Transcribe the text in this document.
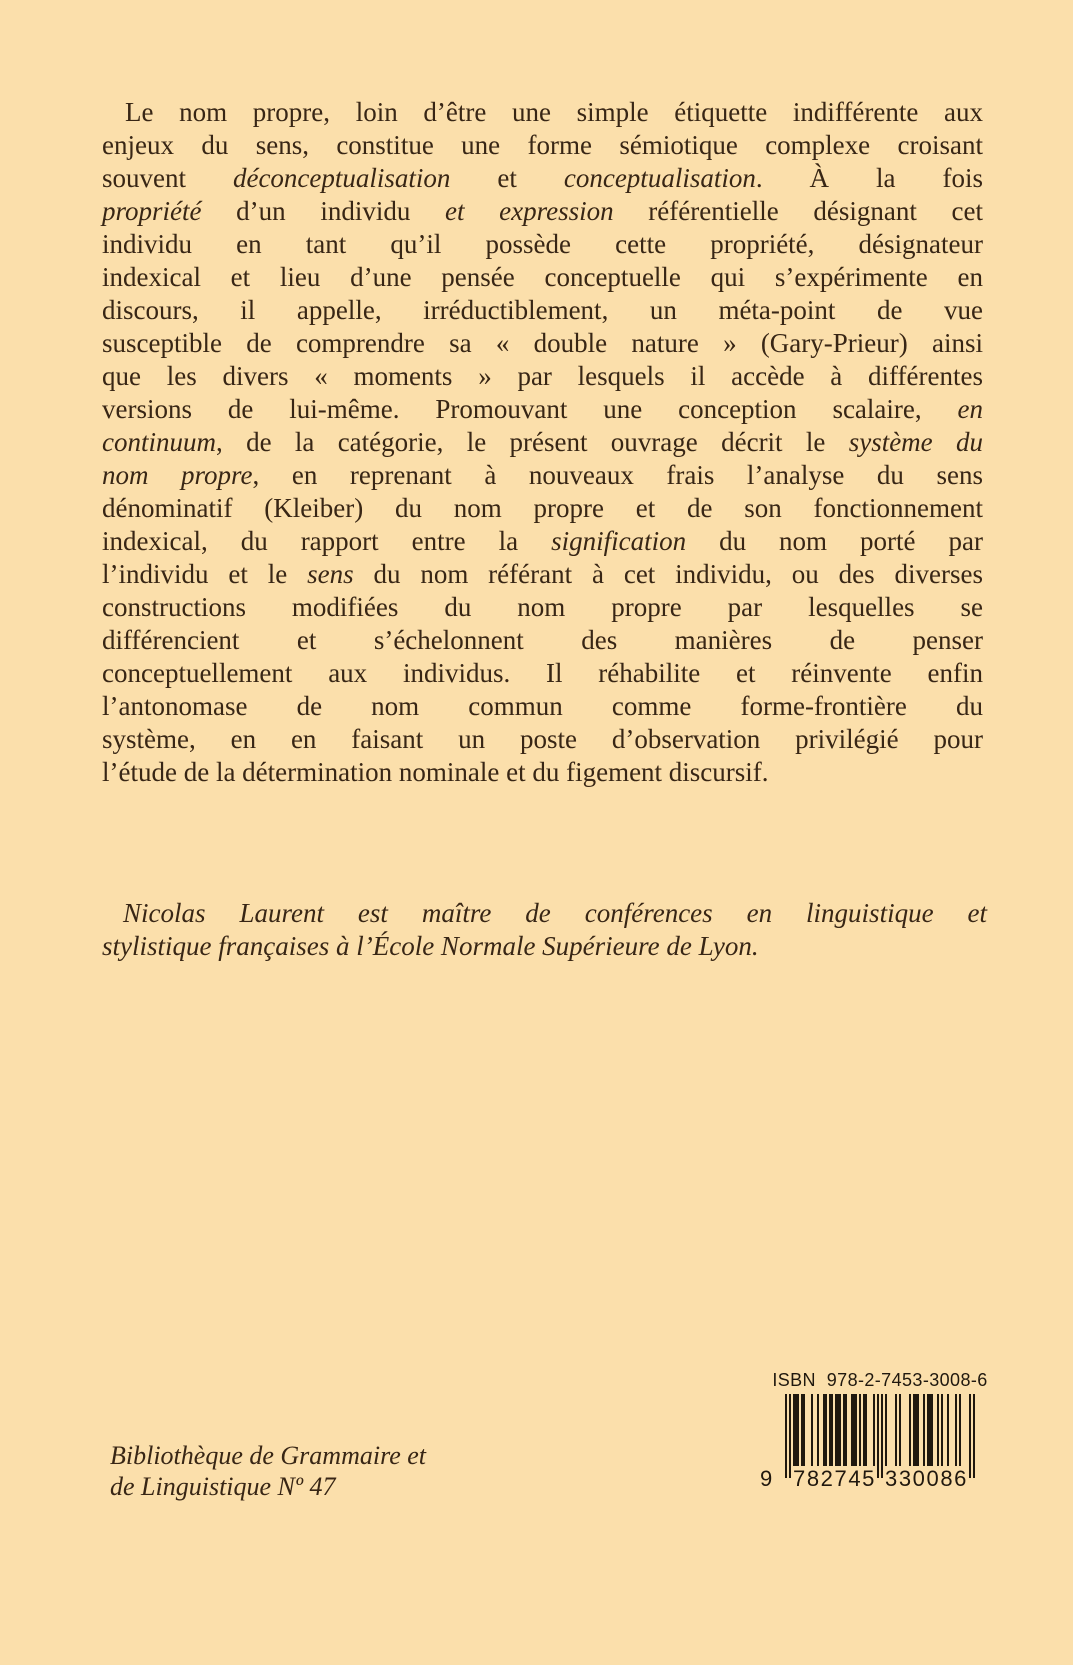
Le nom propre, loin d’être une simple étiquette indifférente aux
enjeux du sens, constitue une forme sémiotique complexe croisant
souvent déconceptualisation et conceptualisation. À la fois
propriété d’un individu et expression référentielle désignant cet
individu en tant qu’il possède cette propriété, désignateur
indexical et lieu d’une pensée conceptuelle qui s’expérimente en
discours, il appelle, irréductiblement, un méta-point de vue
susceptible de comprendre sa « double nature » (Gary-Prieur) ainsi
que les divers « moments » par lesquels il accède à différentes
versions de lui-même. Promouvant une conception scalaire, en
continuum, de la catégorie, le présent ouvrage décrit le système du
nom propre, en reprenant à nouveaux frais l’analyse du sens
dénominatif (Kleiber) du nom propre et de son fonctionnement
indexical, du rapport entre la signification du nom porté par
l’individu et le sens du nom référant à cet individu, ou des diverses
constructions modifiées du nom propre par lesquelles se
différencient et s’échelonnent des manières de penser
conceptuellement aux individus. Il réhabilite et réinvente enfin
l’antonomase de nom commun comme forme-frontière du
système, en en faisant un poste d’observation privilégié pour
l’étude de la détermination nominale et du figement discursif.
Nicolas Laurent est maître de conférences en linguistique et
stylistique françaises à l’École Normale Supérieure de Lyon.
Bibliothèque de Grammaire et
de Linguistique Nº 47
ISBN  978-2-7453-3008-6
9 782745 330086
